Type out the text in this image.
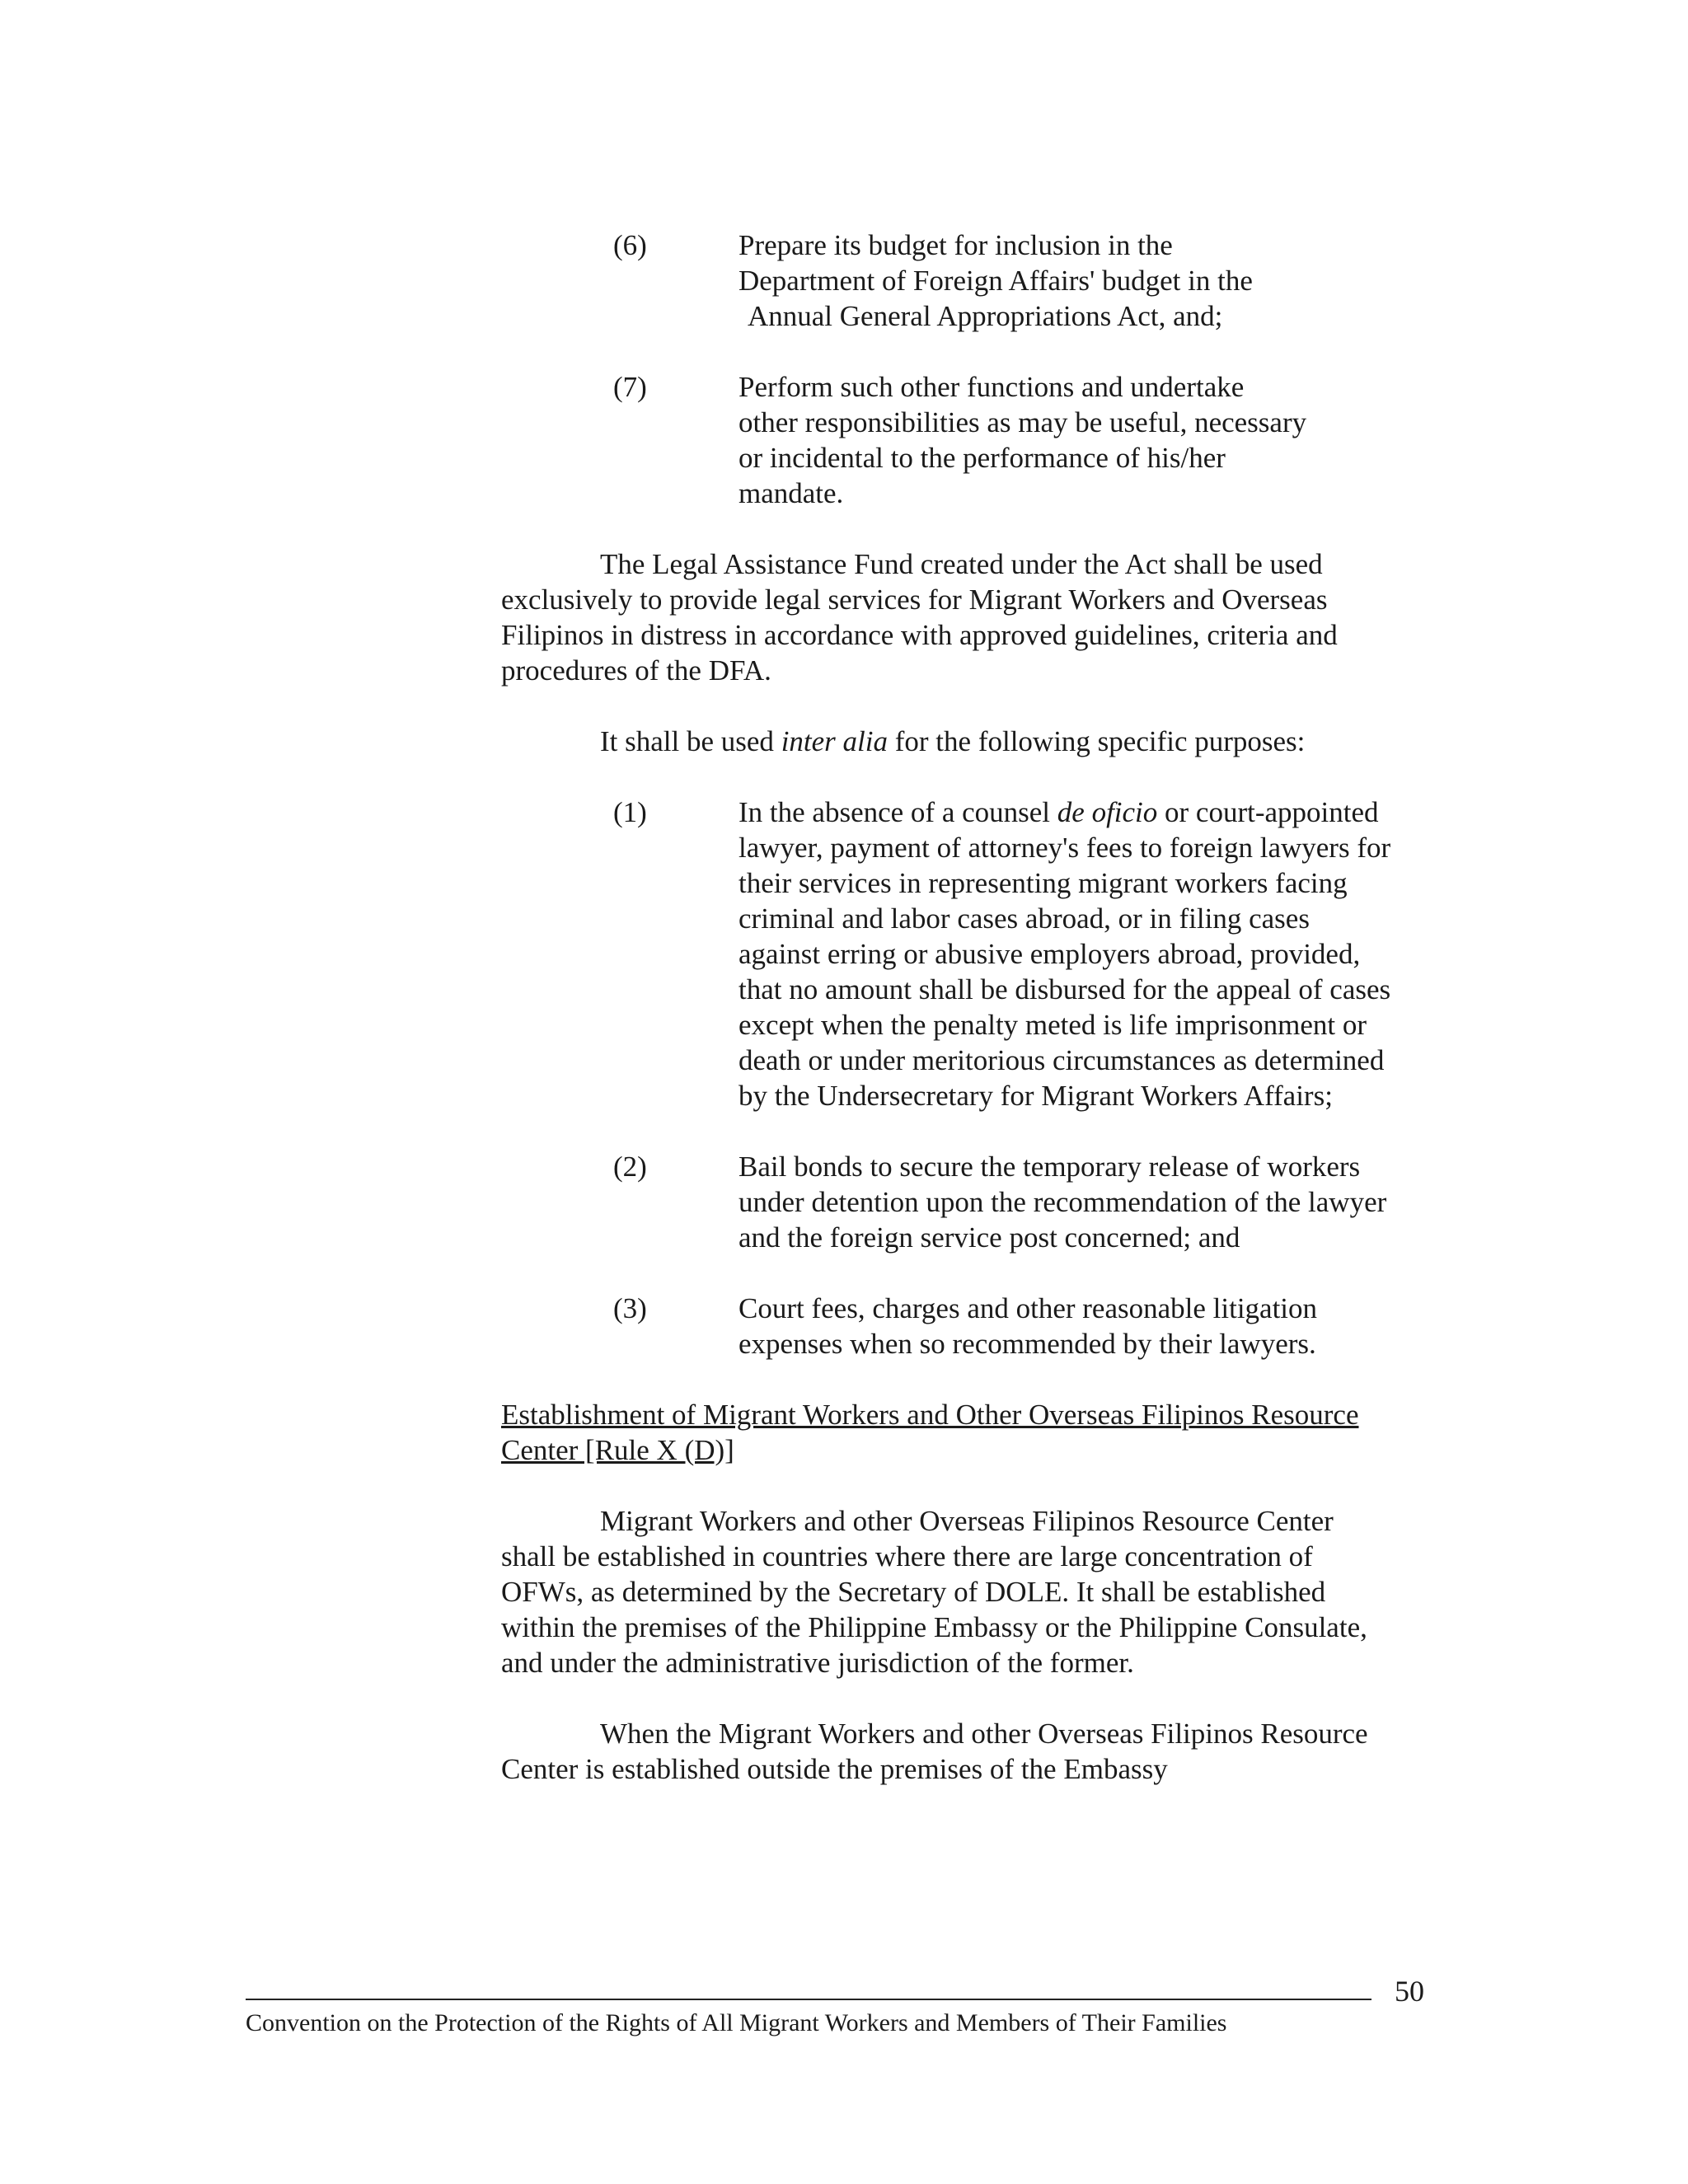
(6)	Prepare its budget for inclusion in the
Department of Foreign Affairs' budget in the
Annual General Appropriations Act, and;
(7)	Perform such other functions and undertake
other responsibilities as may be useful, necessary
or incidental to the performance of his/her
mandate.

The Legal Assistance Fund created under the Act shall be used exclusively to provide legal services for Migrant Workers and Overseas Filipinos in distress in accordance with approved guidelines, criteria and procedures of the DFA.

It shall be used inter alia for the following specific purposes:

(1)	In the absence of a counsel de oficio or court-appointed lawyer, payment of attorney's fees to foreign lawyers for their services in representing migrant workers facing criminal and labor cases abroad, or in filing cases against erring or abusive employers abroad, provided, that no amount shall be disbursed for the appeal of cases except when the penalty meted is life imprisonment or death or under meritorious circumstances as determined by the Undersecretary for Migrant Workers Affairs;
(2)	Bail bonds to secure the temporary release of workers under detention upon the recommendation of the lawyer and the foreign service post concerned; and
(3)	Court fees, charges and other reasonable litigation expenses when so recommended by their lawyers.

Establishment of Migrant Workers and Other Overseas Filipinos Resource Center [Rule X (D)]

Migrant Workers and other Overseas Filipinos Resource Center shall be established in countries where there are large concentration of OFWs, as determined by the Secretary of DOLE. It shall be established within the premises of the Philippine Embassy or the Philippine Consulate, and under the administrative jurisdiction of the former.

When the Migrant Workers and other Overseas Filipinos Resource Center is established outside the premises of the Embassy

50
Convention on the Protection of the Rights of All Migrant Workers and Members of Their Families
